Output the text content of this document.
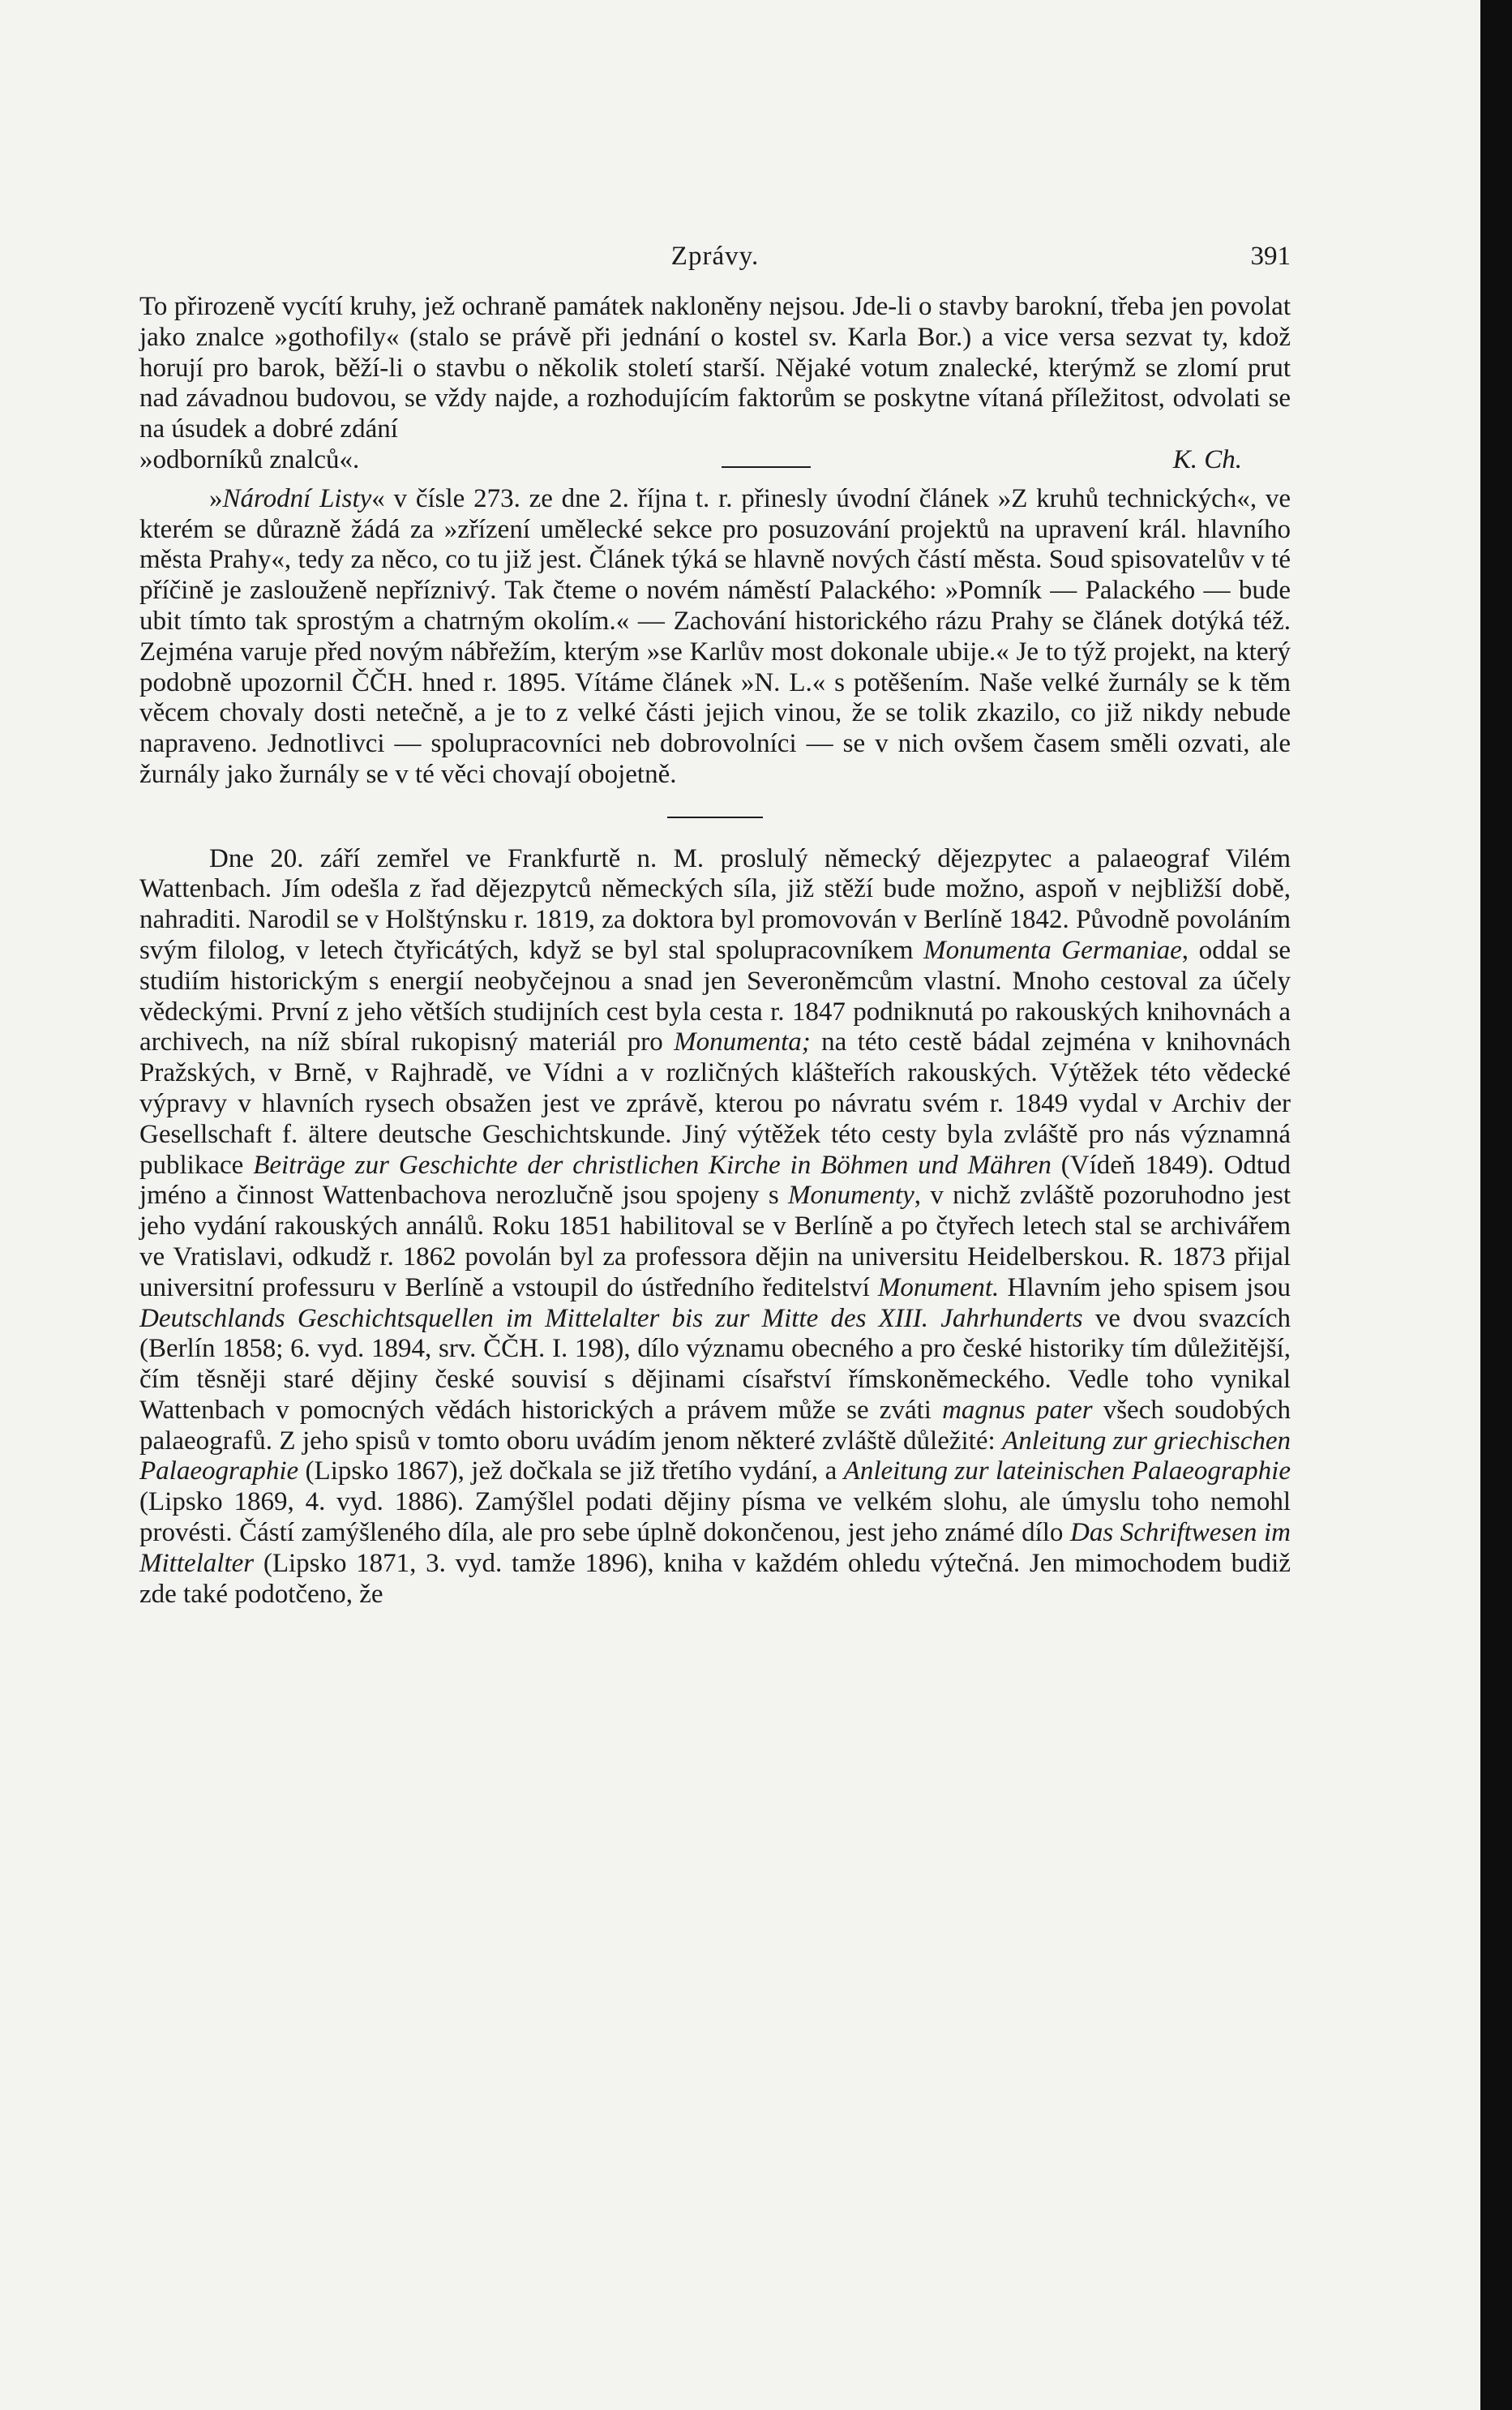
Zprávy.	391

To přirozeně vycítí kruhy, jež ochraně památek nakloněny nejsou. Jde-li o stavby barokní, třeba jen povolat jako znalce »gothofily« (stalo se právě při jednání o kostel sv. Karla Bor.) a vice versa sezvat ty, kdož horují pro barok, běží-li o stavbu o několik století starší. Nějaké votum znalecké, kterýmž se zlomí prut nad závadnou budovou, se vždy najde, a rozhodujícím faktorům se poskytne vítaná příležitost, odvolati se na úsudek a dobré zdání

»odborníků znalců«.	K. Ch.

»Národní Listy« v čísle 273. ze dne 2. října t. r. přinesly úvodní článek »Z kruhů technických«, ve kterém se důrazně žádá za »zřízení umělecké sekce pro posuzování projektů na upravení král. hlavního města Prahy«, tedy za něco, co tu již jest. Článek týká se hlavně nových částí města. Soud spisovatelův v té příčině je zaslouženě nepříznivý. Tak čteme o novém náměstí Palackého: »Pomník — Palackého — bude ubit tímto tak sprostým a chatrným okolím.« — Zachování historického rázu Prahy se článek dotýká též. Zejména varuje před novým nábřežím, kterým »se Karlův most dokonale ubije.« Je to týž projekt, na který podobně upozornil ČČH. hned r. 1895. Vítáme článek »N. L.« s potěšením. Naše velké žurnály se k těm věcem chovaly dosti netečně, a je to z velké části jejich vinou, že se tolik zkazilo, co již nikdy nebude napraveno. Jednotlivci — spolupracovníci neb dobrovolníci — se v nich ovšem časem směli ozvati, ale žurnály jako žurnály se v té věci chovají obojetně.

Dne 20. září zemřel ve Frankfurtě n. M. proslulý německý dějezpytec a palaeograf Vilém Wattenbach. Jím odešla z řad dějezpytců německých síla, již stěží bude možno, aspoň v nejbližší době, nahraditi. Narodil se v Holštýnsku r. 1819, za doktora byl promovován v Berlíně 1842. Původně povoláním svým filolog, v letech čtyřicátých, když se byl stal spolupracovníkem Monumenta Germaniae, oddal se studiím historickým s energií neobyčejnou a snad jen Severoněmcům vlastní. Mnoho cestoval za účely vědeckými. První z jeho větších studijních cest byla cesta r. 1847 podniknutá po rakouských knihovnách a archivech, na níž sbíral rukopisný materiál pro Monumenta; na této cestě bádal zejména v knihovnách Pražských, v Brně, v Rajhradě, ve Vídni a v rozličných klášteřích rakouských. Výtěžek této vědecké výpravy v hlavních rysech obsažen jest ve zprávě, kterou po návratu svém r. 1849 vydal v Archiv der Gesellschaft f. ältere deutsche Geschichtskunde. Jiný výtěžek této cesty byla zvláště pro nás významná publikace Beiträge zur Geschichte der christlichen Kirche in Böhmen und Mähren (Vídeň 1849). Odtud jméno a činnost Wattenbachova nerozlučně jsou spojeny s Monumenty, v nichž zvláště pozoruhodno jest jeho vydání rakouských annálů. Roku 1851 habilitoval se v Berlíně a po čtyřech letech stal se archivářem ve Vratislavi, odkudž r. 1862 povolán byl za professora dějin na universitu Heidelberskou. R. 1873 přijal universitní professuru v Berlíně a vstoupil do ústředního ředitelství Monument. Hlavním jeho spisem jsou Deutschlands Geschichtsquellen im Mittelalter bis zur Mitte des XIII. Jahrhunderts ve dvou svazcích (Berlín 1858; 6. vyd. 1894, srv. ČČH. I. 198), dílo významu obecného a pro české historiky tím důležitější, čím těsněji staré dějiny české souvisí s dějinami císařství římskoněmeckého. Vedle toho vynikal Wattenbach v pomocných vědách historických a právem může se zváti magnus pater všech soudobých palaeografů. Z jeho spisů v tomto oboru uvádím jenom některé zvláště důležité: Anleitung zur griechischen Palaeographie (Lipsko 1867), jež dočkala se již třetího vydání, a Anleitung zur lateinischen Palaeographie (Lipsko 1869, 4. vyd. 1886). Zamýšlel podati dějiny písma ve velkém slohu, ale úmyslu toho nemohl provésti. Částí zamýšleného díla, ale pro sebe úplně dokončenou, jest jeho známé dílo Das Schriftwesen im Mittelalter (Lipsko 1871, 3. vyd. tamže 1896), kniha v každém ohledu výtečná. Jen mimochodem budiž zde také podotčeno, že
